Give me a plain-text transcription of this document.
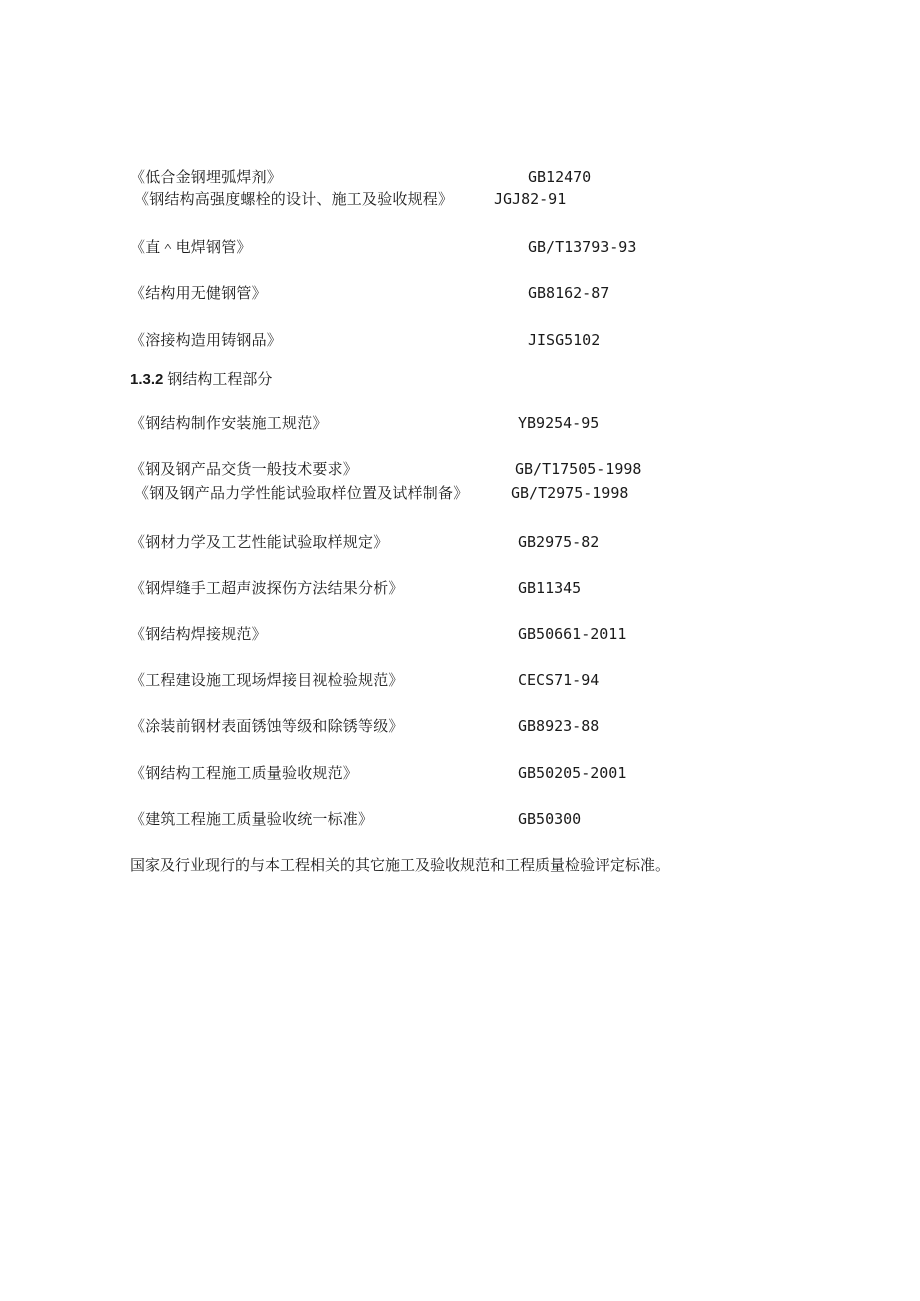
《低合金钢埋弧焊剂》	GB12470
《钢结构高强度螺栓的设计、施工及验收规程》	JGJ82-91
《直＾电焊钢管》	GB/T13793-93
《结构用无健钢管》	GB8162-87
《溶接构造用铸钢品》	JISG5102
1.3.2 钢结构工程部分
《钢结构制作安装施工规范》	YB9254-95
《钢及钢产品交货一般技术要求》	GB/T17505-1998
《钢及钢产品力学性能试验取样位置及试样制备》	GB/T2975-1998
《钢材力学及工艺性能试验取样规定》	GB2975-82
《钢焊缝手工超声波探伤方法结果分析》	GB11345
《钢结构焊接规范》	GB50661-2011
《工程建设施工现场焊接目视检验规范》	CECS71-94
《涂装前钢材表面锈蚀等级和除锈等级》	GB8923-88
《钢结构工程施工质量验收规范》	GB50205-2001
《建筑工程施工质量验收统一标准》	GB50300
国家及行业现行的与本工程相关的其它施工及验收规范和工程质量检验评定标准。
